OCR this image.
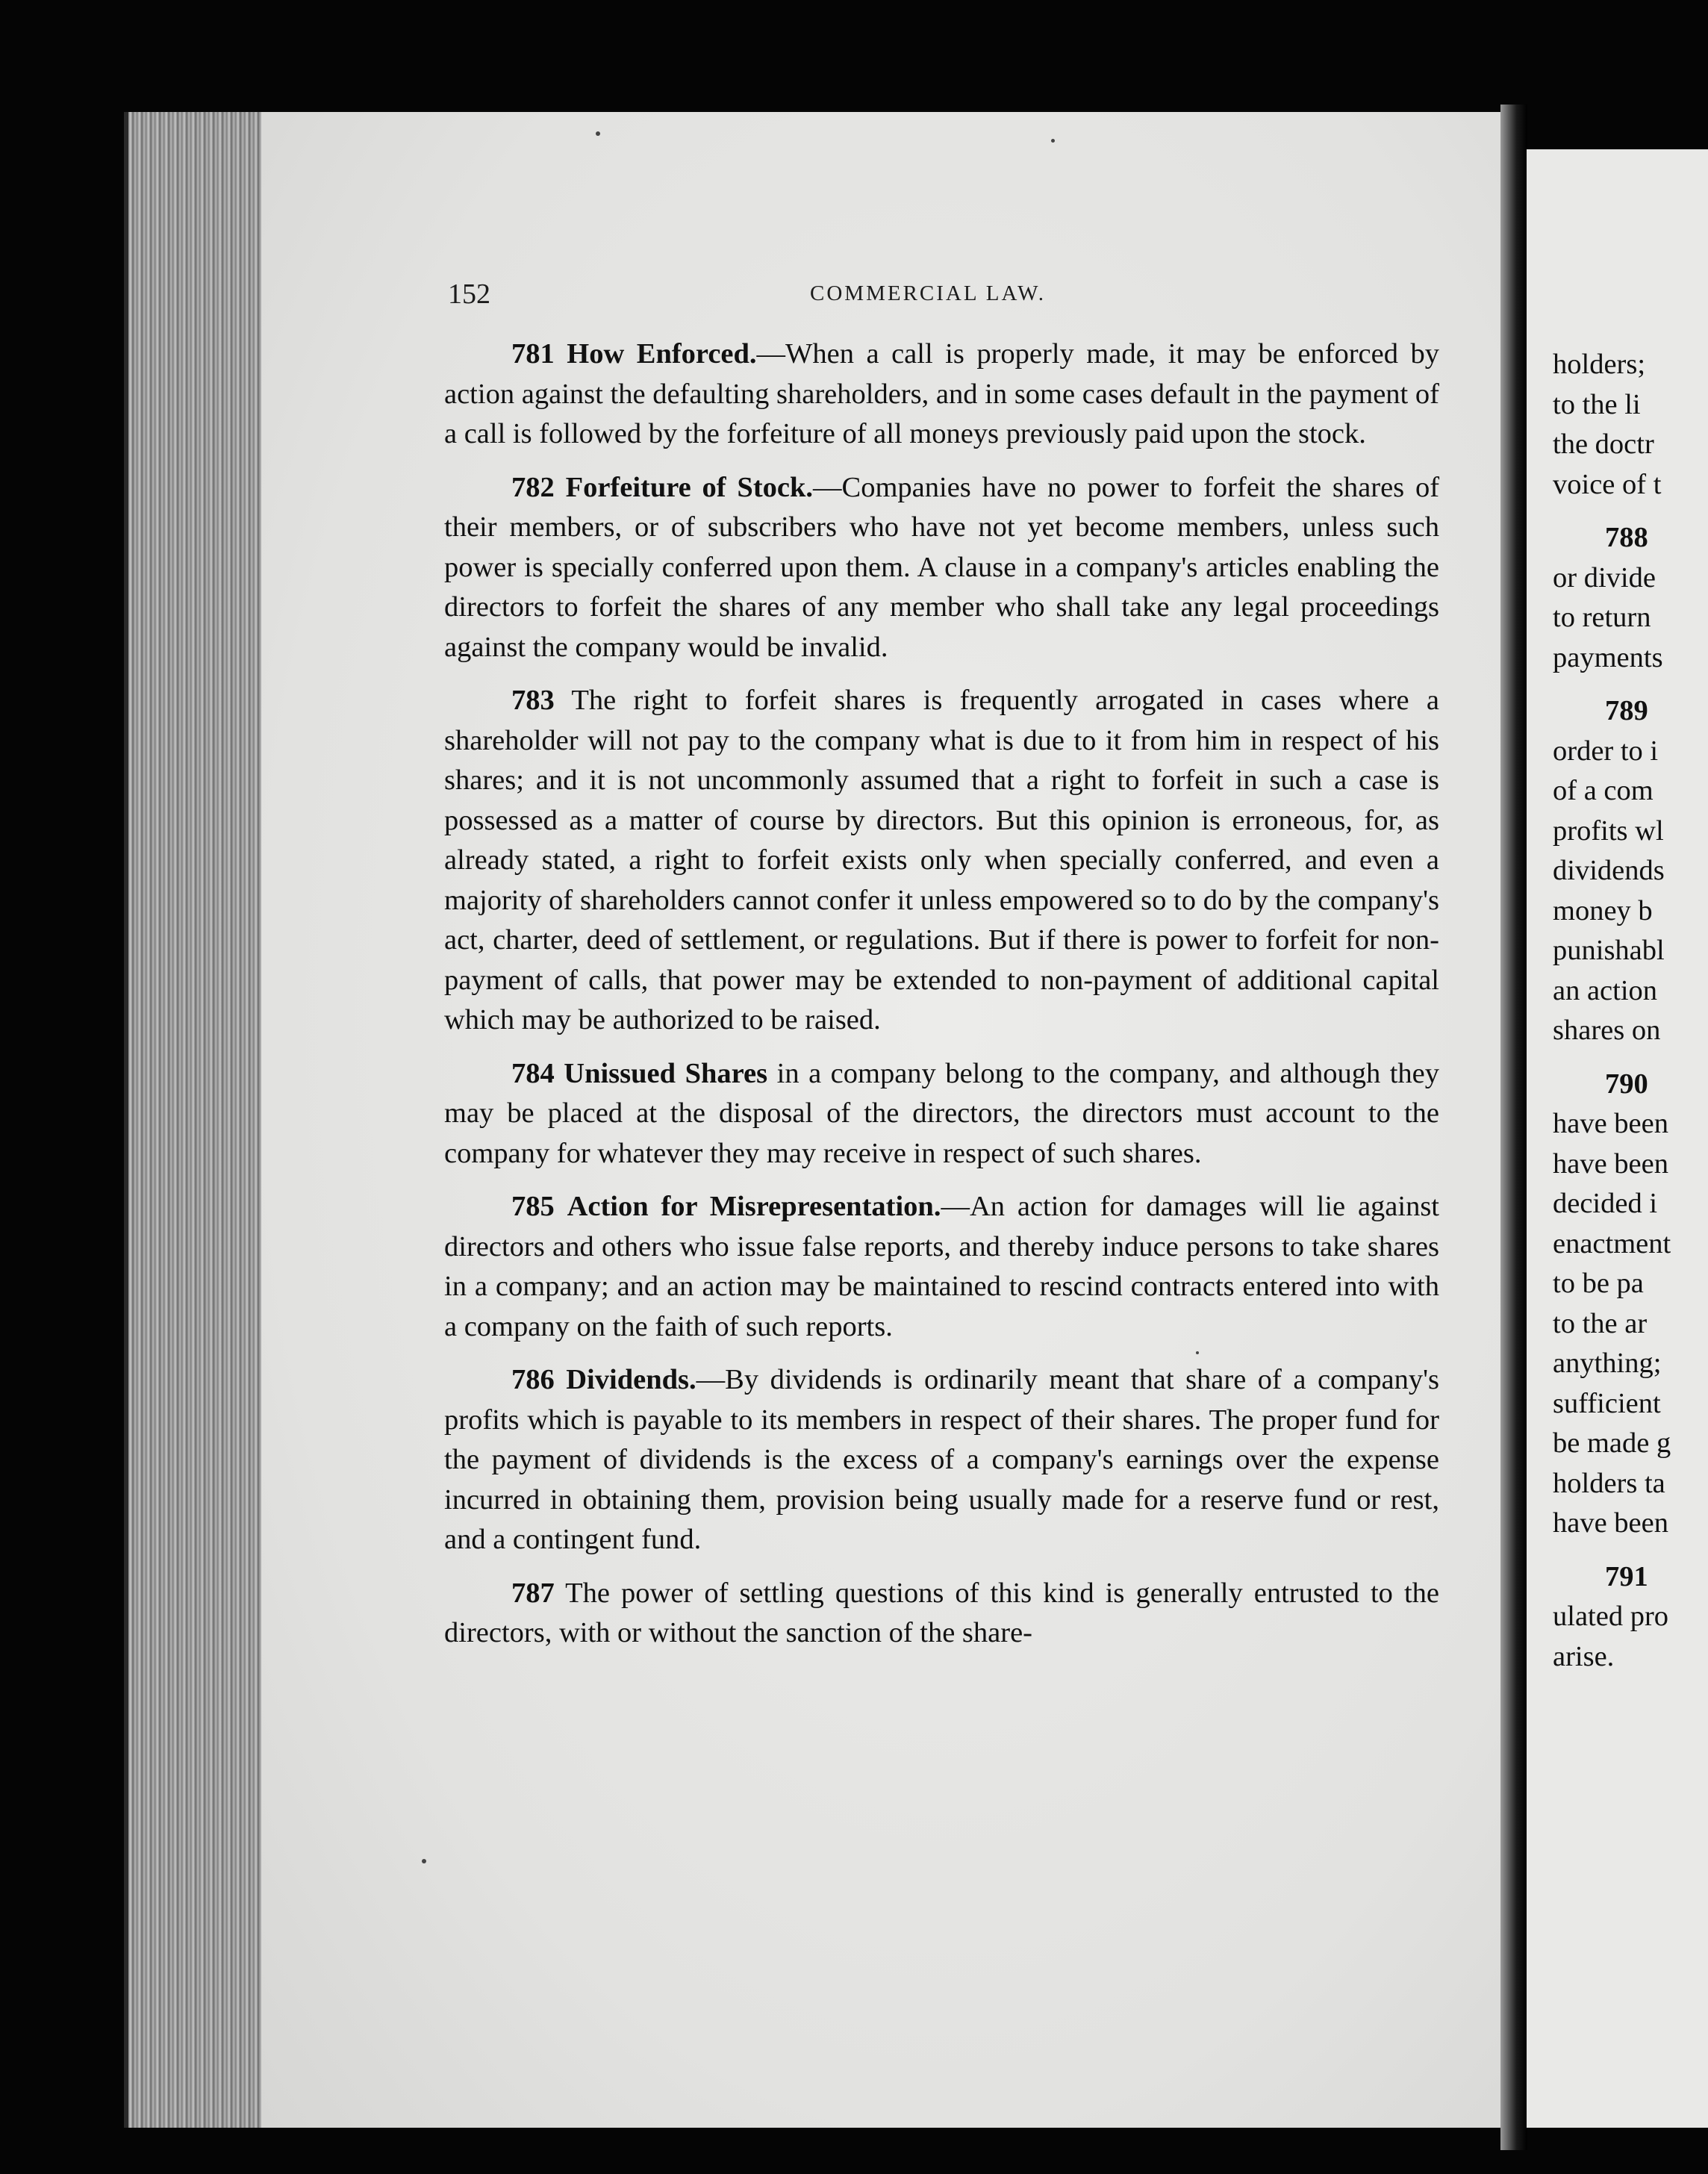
152	COMMERCIAL LAW.

781 How Enforced.—When a call is properly made, it may be enforced by action against the defaulting shareholders, and in some cases default in the payment of a call is followed by the forfeiture of all moneys previously paid upon the stock.

782 Forfeiture of Stock.—Companies have no power to forfeit the shares of their members, or of subscribers who have not yet become members, unless such power is specially conferred upon them. A clause in a company's articles enabling the directors to forfeit the shares of any member who shall take any legal proceedings against the company would be invalid.

783 The right to forfeit shares is frequently arrogated in cases where a shareholder will not pay to the company what is due to it from him in respect of his shares; and it is not uncommonly assumed that a right to forfeit in such a case is possessed as a matter of course by directors. But this opinion is erroneous, for, as already stated, a right to forfeit exists only when specially conferred, and even a majority of shareholders cannot confer it unless empowered so to do by the company's act, charter, deed of settlement, or regulations. But if there is power to forfeit for non-payment of calls, that power may be extended to non-payment of additional capital which may be authorized to be raised.

784 Unissued Shares in a company belong to the company, and although they may be placed at the disposal of the directors, the directors must account to the company for whatever they may receive in respect of such shares.

785 Action for Misrepresentation.—An action for damages will lie against directors and others who issue false reports, and thereby induce persons to take shares in a company; and an action may be maintained to rescind contracts entered into with a company on the faith of such reports.

786 Dividends.—By dividends is ordinarily meant that share of a company's profits which is payable to its members in respect of their shares. The proper fund for the payment of dividends is the excess of a company's earnings over the expense incurred in obtaining them, provision being usually made for a reserve fund or rest, and a contingent fund.

787 The power of settling questions of this kind is generally entrusted to the directors, with or without the sanction of the share-

holders;
to the li
the doctr
voice of t
788
or divide
to return
payments
789
order to i
of a com
profits wl
dividends
money b
punishabl
an action
shares on
790
have been
have been
decided i
enactment
to be pa
to the ar
anything;
sufficient
be made g
holders ta
have been
791
ulated pro
arise.
